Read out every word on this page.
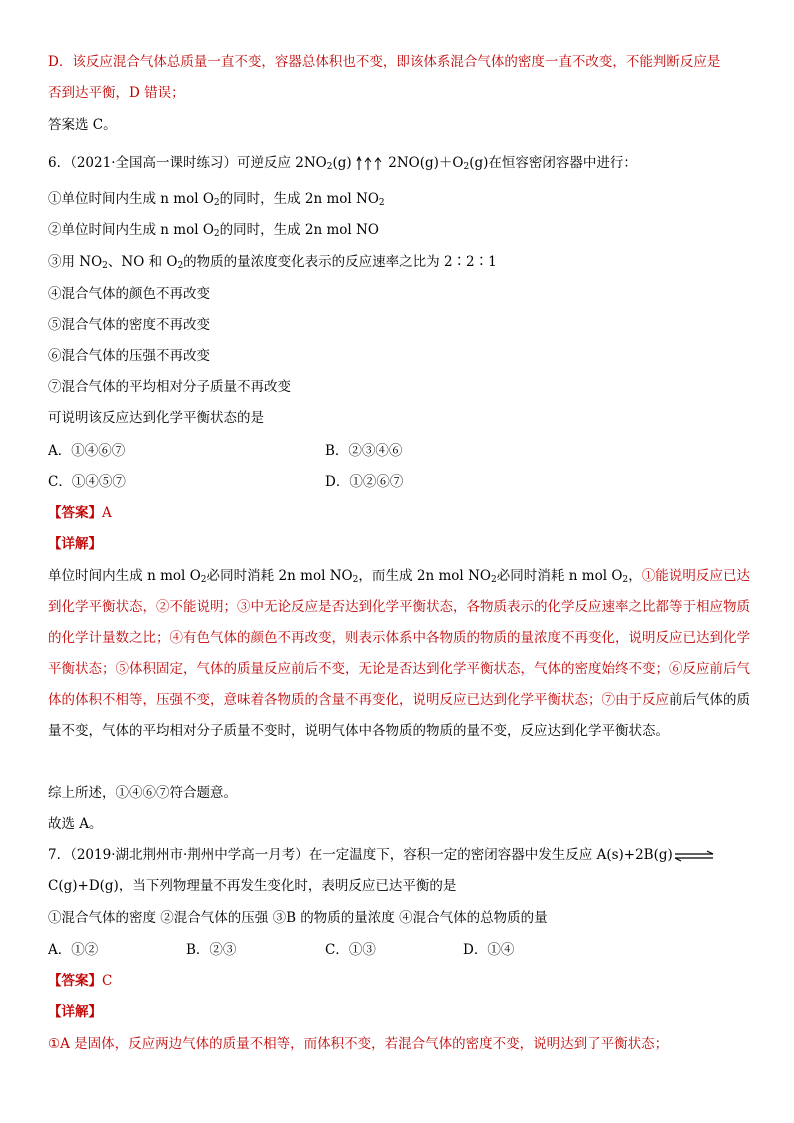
D．该反应混合气体总质量一直不变，容器总体积也不变，即该体系混合气体的密度一直不改变，不能判断反应是
否到达平衡，D 错误；
答案选 C。
6．（2021·全国高一课时练习）可逆反应 $2NO_2(g)$  $2NO(g)+O_2(g)$在恒容密闭容器中进行：
①单位时间内生成 n mol $O_2$的同时，生成 2n mol $NO_2$
②单位时间内生成 n mol $O_2$的同时，生成 2n mol NO
③用 $NO_2$、NO 和 $O_2$的物质的量浓度变化表示的反应速率之比为 2∶2∶1
④混合气体的颜色不再改变
⑤混合气体的密度不再改变
⑥混合气体的压强不再改变
⑦混合气体的平均相对分子质量不再改变
可说明该反应达到化学平衡状态的是
A．①④⑥⑦	B．②③④⑥
C．①④⑤⑦	D．①②⑥⑦
【答案】A
【详解】
单位时间内生成 n mol $O_2$必同时消耗 2n mol $NO_2$，而生成 2n mol $NO_2$必同时消耗 n mol $O_2$，①能说明反应已达到化学平衡状态，②不能说明；③中无论反应是否达到化学平衡状态，各物质表示的化学反应速率之比都等于相应物质的化学计量数之比；④有色气体的颜色不再改变，则表示体系中各物质的物质的量浓度不再变化，说明反应已达到化学平衡状态；⑤体积固定，气体的质量反应前后不变，无论是否达到化学平衡状态，气体的密度始终不变；⑥反应前后气体的体积不相等，压强不变，意味着各物质的含量不再变化，说明反应已达到化学平衡状态；⑦由于反应前后气体的质量不变，气体的平均相对分子质量不变时，说明气体中各物质的物质的量不变，反应达到化学平衡状态。
综上所述，①④⑥⑦符合题意。
故选 A。
7．（2019·湖北荆州市·荆州中学高一月考）在一定温度下，容积一定的密闭容器中发生反应 A(s)+2B(g)⇌
C(g)+D(g)，当下列物理量不再发生变化时，表明反应已达平衡的是
①混合气体的密度 ②混合气体的压强 ③B 的物质的量浓度 ④混合气体的总物质的量
A．①②	B．②③	C．①③	D．①④
【答案】C
【详解】
①A 是固体，反应两边气体的质量不相等，而体积不变，若混合气体的密度不变，说明达到了平衡状态；
